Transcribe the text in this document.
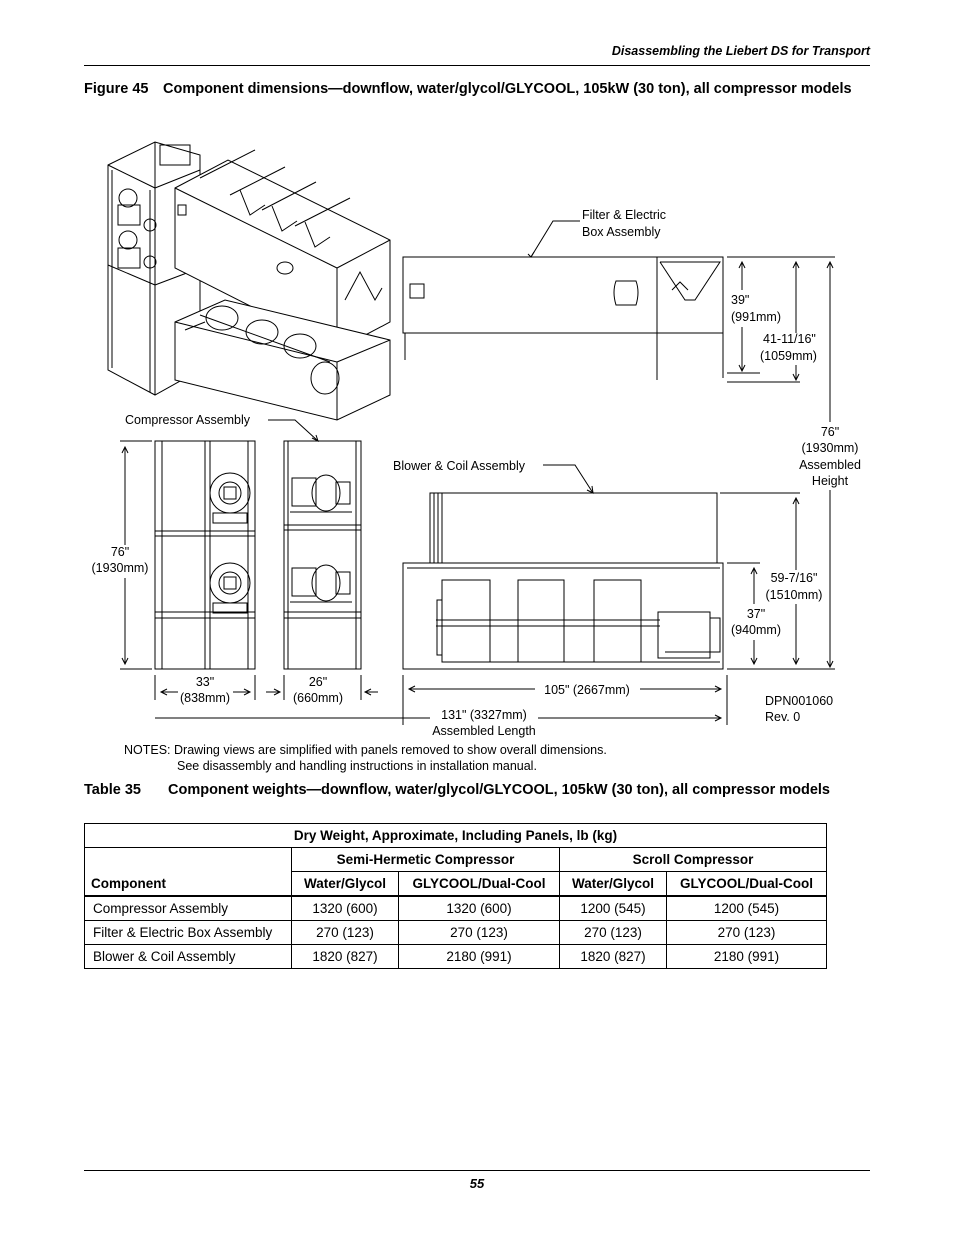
Disassembling the Liebert DS for Transport
Figure 45 Component dimensions—downflow, water/glycol/GLYCOOL, 105kW (30 ton), all compressor models
Filter & Electric
Box Assembly
Compressor Assembly
Blower & Coil Assembly
39"
(991mm)
41-11/16"
(1059mm)
76"
(1930mm)
Assembled
Height
76"
(1930mm)
59-7/16"
(1510mm)
37"
(940mm)
33"
(838mm)
26"
(660mm)
105" (2667mm)
131" (3327mm)
Assembled Length
DPN001060
Rev. 0
NOTES: Drawing views are simplified with panels removed to show overall dimensions.
See disassembly and handling instructions in installation manual.
Table 35 Component weights—downflow, water/glycol/GLYCOOL, 105kW (30 ton), all compressor models
Dry Weight, Approximate, Including Panels, lb (kg)				
Component	Semi-Hermetic Compressor		Scroll Compressor	
	Water/Glycol	GLYCOOL/Dual-Cool	Water/Glycol	GLYCOOL/Dual-Cool
Compressor Assembly	1320 (600)	1320 (600)	1200 (545)	1200 (545)
Filter & Electric Box Assembly	270 (123)	270 (123)	270 (123)	270 (123)
Blower & Coil Assembly	1820 (827)	2180 (991)	1820 (827)	2180 (991)
55
